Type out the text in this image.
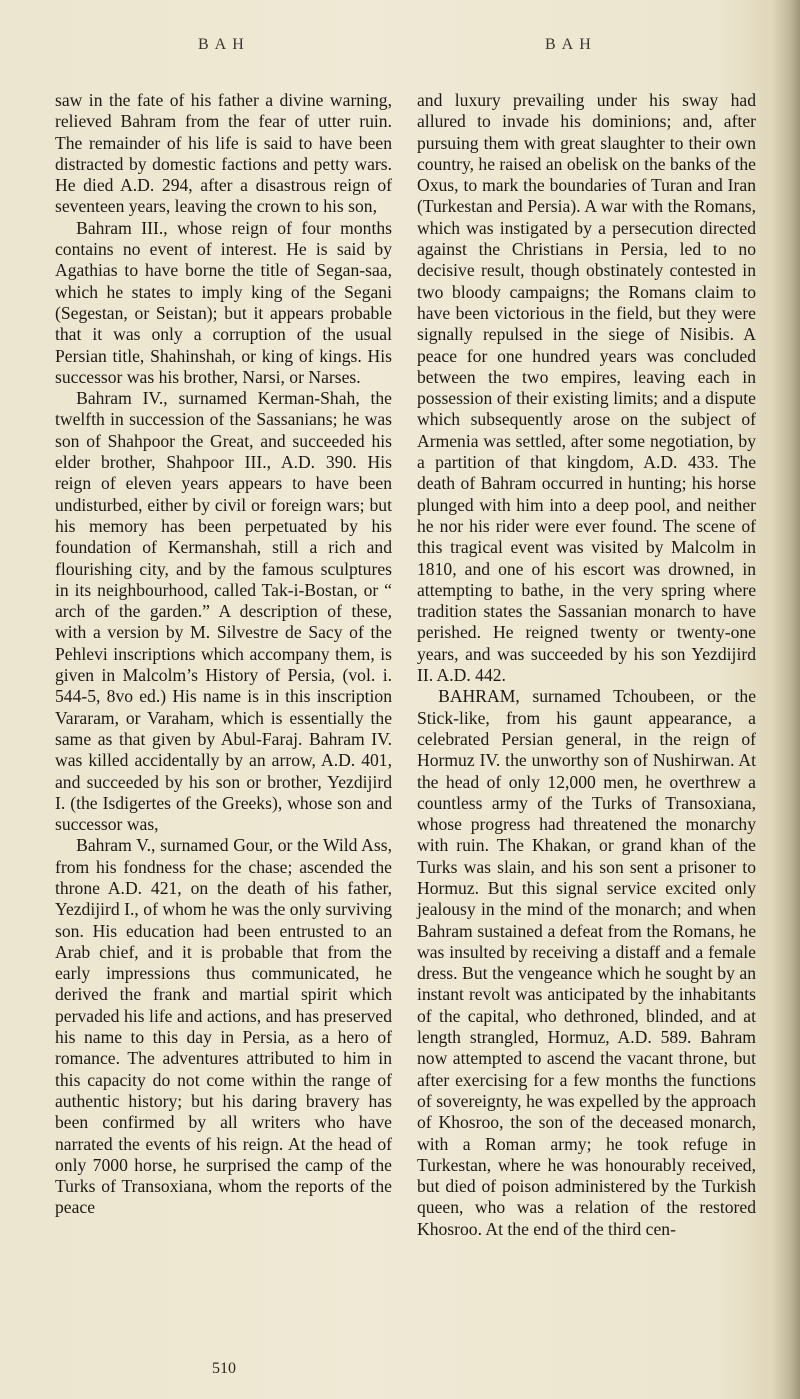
BAH	BAH

saw in the fate of his father a divine warning, relieved Bahram from the fear of utter ruin. The remainder of his life is said to have been distracted by domestic factions and petty wars. He died A.D. 294, after a disastrous reign of seventeen years, leaving the crown to his son,

Bahram III., whose reign of four months contains no event of interest. He is said by Agathias to have borne the title of Segan-saa, which he states to imply king of the Segani (Segestan, or Seistan); but it appears probable that it was only a corruption of the usual Persian title, Shahinshah, or king of kings. His successor was his brother, Narsi, or Narses.

Bahram IV., surnamed Kerman-Shah, the twelfth in succession of the Sassanians; he was son of Shahpoor the Great, and succeeded his elder brother, Shahpoor III., A.D. 390. His reign of eleven years appears to have been undisturbed, either by civil or foreign wars; but his memory has been perpetuated by his foundation of Kermanshah, still a rich and flourishing city, and by the famous sculptures in its neighbourhood, called Tak-i-Bostan, or “ arch of the garden.” A description of these, with a version by M. Silvestre de Sacy of the Pehlevi inscriptions which accompany them, is given in Malcolm’s History of Persia, (vol. i. 544-5, 8vo ed.) His name is in this inscription Vararam, or Varaham, which is essentially the same as that given by Abul-Faraj. Bahram IV. was killed accidentally by an arrow, A.D. 401, and succeeded by his son or brother, Yezdijird I. (the Isdigertes of the Greeks), whose son and successor was,

Bahram V., surnamed Gour, or the Wild Ass, from his fondness for the chase; ascended the throne A.D. 421, on the death of his father, Yezdijird I., of whom he was the only surviving son. His education had been entrusted to an Arab chief, and it is probable that from the early impressions thus communicated, he derived the frank and martial spirit which pervaded his life and actions, and has preserved his name to this day in Persia, as a hero of romance. The adventures attributed to him in this capacity do not come within the range of authentic history; but his daring bravery has been confirmed by all writers who have narrated the events of his reign. At the head of only 7000 horse, he surprised the camp of the Turks of Transoxiana, whom the reports of the peace

and luxury prevailing under his sway had allured to invade his dominions; and, after pursuing them with great slaughter to their own country, he raised an obelisk on the banks of the Oxus, to mark the boundaries of Turan and Iran (Turkestan and Persia). A war with the Romans, which was instigated by a persecution directed against the Christians in Persia, led to no decisive result, though obstinately contested in two bloody campaigns; the Romans claim to have been victorious in the field, but they were signally repulsed in the siege of Nisibis. A peace for one hundred years was concluded between the two empires, leaving each in possession of their existing limits; and a dispute which subsequently arose on the subject of Armenia was settled, after some negotiation, by a partition of that kingdom, A.D. 433. The death of Bahram occurred in hunting; his horse plunged with him into a deep pool, and neither he nor his rider were ever found. The scene of this tragical event was visited by Malcolm in 1810, and one of his escort was drowned, in attempting to bathe, in the very spring where tradition states the Sassanian monarch to have perished. He reigned twenty or twenty-one years, and was succeeded by his son Yezdijird II. A.D. 442.

BAHRAM, surnamed Tchoubeen, or the Stick-like, from his gaunt appearance, a celebrated Persian general, in the reign of Hormuz IV. the unworthy son of Nushirwan. At the head of only 12,000 men, he overthrew a countless army of the Turks of Transoxiana, whose progress had threatened the monarchy with ruin. The Khakan, or grand khan of the Turks was slain, and his son sent a prisoner to Hormuz. But this signal service excited only jealousy in the mind of the monarch; and when Bahram sustained a defeat from the Romans, he was insulted by receiving a distaff and a female dress. But the vengeance which he sought by an instant revolt was anticipated by the inhabitants of the capital, who dethroned, blinded, and at length strangled, Hormuz, A.D. 589. Bahram now attempted to ascend the vacant throne, but after exercising for a few months the functions of sovereignty, he was expelled by the approach of Khosroo, the son of the deceased monarch, with a Roman army; he took refuge in Turkestan, where he was honourably received, but died of poison administered by the Turkish queen, who was a relation of the restored Khosroo. At the end of the third cen-

510
